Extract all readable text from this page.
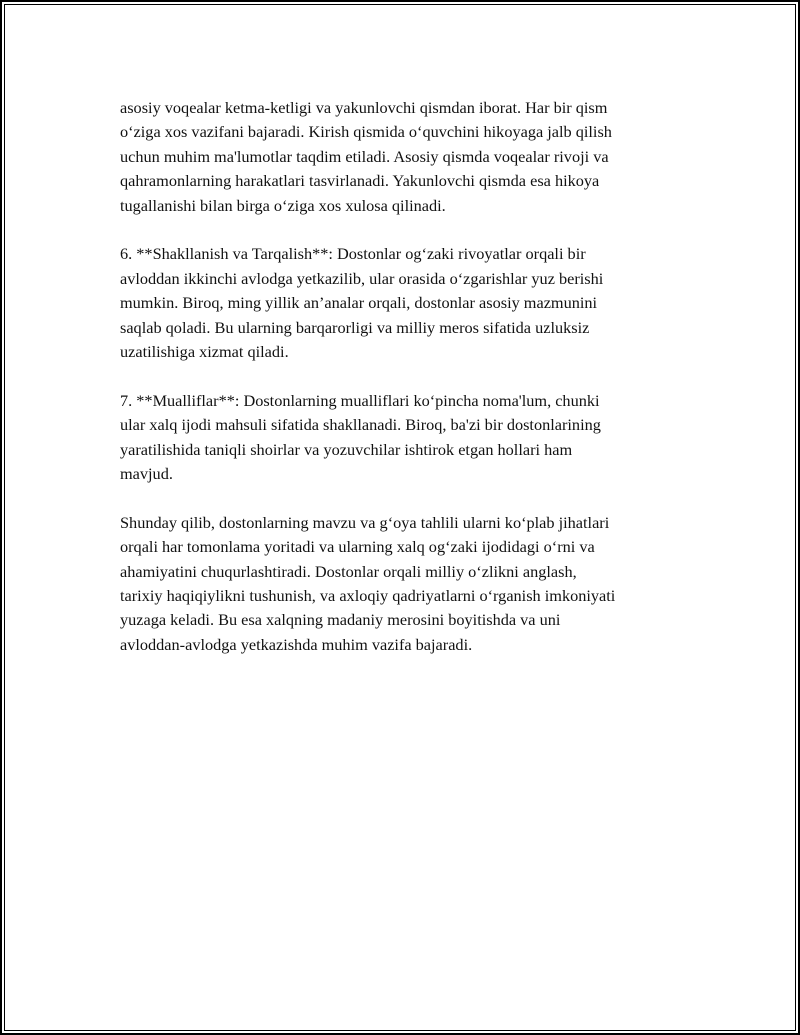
asosiy voqealar ketma-ketligi va yakunlovchi qismdan iborat. Har bir qism
o‘ziga xos vazifani bajaradi. Kirish qismida o‘quvchini hikoyaga jalb qilish
uchun muhim ma'lumotlar taqdim etiladi. Asosiy qismda voqealar rivoji va
qahramonlarning harakatlari tasvirlanadi. Yakunlovchi qismda esa hikoya
tugallanishi bilan birga o‘ziga xos xulosa qilinadi.

6. **Shakllanish va Tarqalish**: Dostonlar og‘zaki rivoyatlar orqali bir
avloddan ikkinchi avlodga yetkazilib, ular orasida o‘zgarishlar yuz berishi
mumkin. Biroq, ming yillik an’analar orqali, dostonlar asosiy mazmunini
saqlab qoladi. Bu ularning barqarorligi va milliy meros sifatida uzluksiz
uzatilishiga xizmat qiladi.

7. **Mualliflar**: Dostonlarning mualliflari ko‘pincha noma'lum, chunki
ular xalq ijodi mahsuli sifatida shakllanadi. Biroq, ba'zi bir dostonlarining
yaratilishida taniqli shoirlar va yozuvchilar ishtirok etgan hollari ham
mavjud.

Shunday qilib, dostonlarning mavzu va g‘oya tahlili ularni ko‘plab jihatlari
orqali har tomonlama yoritadi va ularning xalq og‘zaki ijodidagi o‘rni va
ahamiyatini chuqurlashtiradi. Dostonlar orqali milliy o‘zlikni anglash,
tarixiy haqiqiylikni tushunish, va axloqiy qadriyatlarni o‘rganish imkoniyati
yuzaga keladi. Bu esa xalqning madaniy merosini boyitishda va uni
avloddan-avlodga yetkazishda muhim vazifa bajaradi.
